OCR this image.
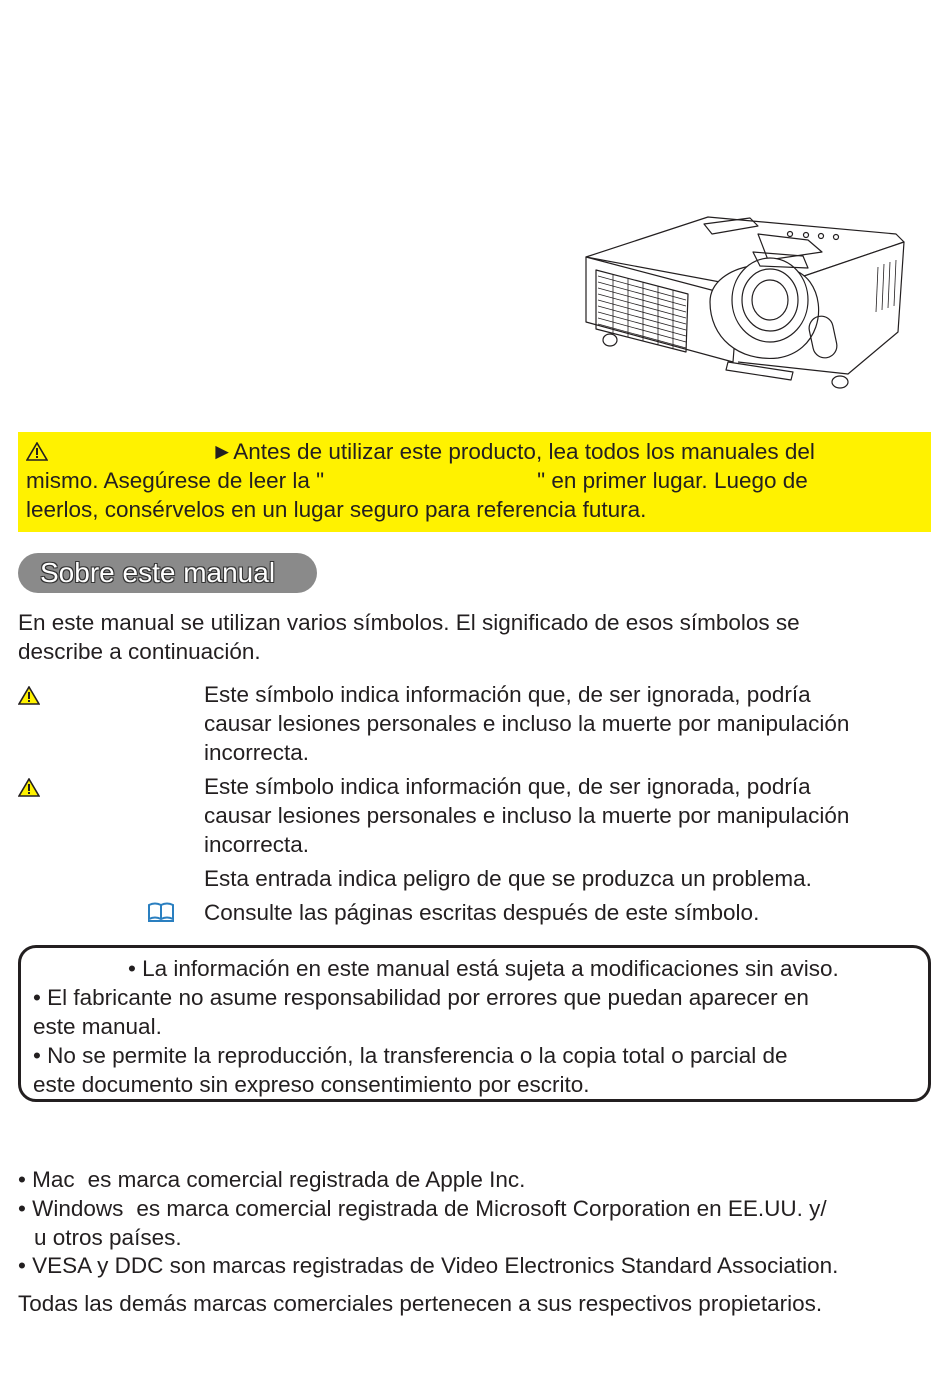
►Antes de utilizar este producto, lea todos los manuales del
mismo. Asegúrese de leer la "	" en primer lugar. Luego de
leerlos, consérvelos en un lugar seguro para referencia futura.
Sobre este manual
En este manual se utilizan varios símbolos. El significado de esos símbolos se
describe a continuación.
Este símbolo indica información que, de ser ignorada, podría
causar lesiones personales e incluso la muerte por manipulación
incorrecta.
Este símbolo indica información que, de ser ignorada, podría
causar lesiones personales e incluso la muerte por manipulación
incorrecta.
Esta entrada indica peligro de que se produzca un problema.
Consulte las páginas escritas después de este símbolo.
• La información en este manual está sujeta a modificaciones sin aviso.
• El fabricante no asume responsabilidad por errores que puedan aparecer en
este manual.
• No se permite la reproducción, la transferencia o la copia total o parcial de
este documento sin expreso consentimiento por escrito.
• Mac es marca comercial registrada de Apple Inc.
• Windows es marca comercial registrada de Microsoft Corporation en EE.UU. y/
u otros países.
• VESA y DDC son marcas registradas de Video Electronics Standard Association.
Todas las demás marcas comerciales pertenecen a sus respectivos propietarios.
